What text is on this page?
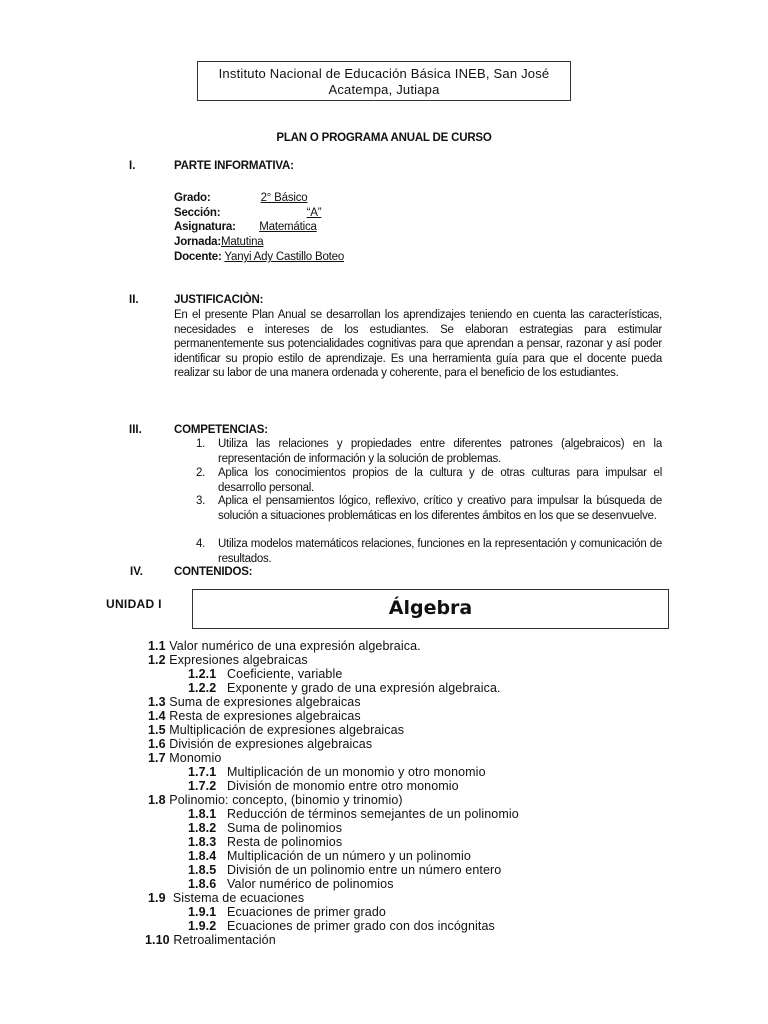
Instituto Nacional de Educación Básica INEB, San José
Acatempa, Jutiapa
PLAN O PROGRAMA ANUAL DE CURSO
I.	PARTE INFORMATIVA:
Grado:	2° Básico
Sección:	“A”
Asignatura: Matemática
Jornada:Matutina
Docente: Yanyi Ady Castillo Boteo
II.	JUSTIFICACIÒN:
En el presente Plan Anual se desarrollan los aprendizajes teniendo en cuenta las características, necesidades e intereses de los estudiantes. Se elaboran estrategias para estimular permanentemente sus potencialidades cognitivas para que aprendan a pensar, razonar y así poder identificar su propio estilo de aprendizaje. Es una herramienta guía para que el docente pueda realizar su labor de una manera ordenada y coherente, para el beneficio de los estudiantes.
III.	COMPETENCIAS:
1. Utiliza las relaciones y propiedades entre diferentes patrones (algebraicos) en la representación de información y la solución de problemas.
2. Aplica los conocimientos propios de la cultura y de otras culturas para impulsar el desarrollo personal.
3. Aplica el pensamientos lógico, reflexivo, crítico y creativo para impulsar la búsqueda de solución a situaciones problemáticas en los diferentes ámbitos en los que se desenvuelve.
4. Utiliza modelos matemáticos relaciones, funciones en la representación y comunicación de resultados.
IV.	CONTENIDOS:
UNIDAD I	Álgebra
1.1 Valor numérico de una expresión algebraica.
1.2 Expresiones algebraicas
1.2.1 Coeficiente, variable
1.2.2 Exponente y grado de una expresión algebraica.
1.3 Suma de expresiones algebraicas
1.4 Resta de expresiones algebraicas
1.5 Multiplicación de expresiones algebraicas
1.6 División de expresiones algebraicas
1.7 Monomio
1.7.1 Multiplicación de un monomio y otro monomio
1.7.2 División de monomio entre otro monomio
1.8 Polinomio: concepto, (binomio y trinomio)
1.8.1 Reducción de términos semejantes de un polinomio
1.8.2 Suma de polinomios
1.8.3 Resta de polinomios
1.8.4 Multiplicación de un número y un polinomio
1.8.5 División de un polinomio entre un número entero
1.8.6 Valor numérico de polinomios
1.9  Sistema de ecuaciones
1.9.1 Ecuaciones de primer grado
1.9.2 Ecuaciones de primer grado con dos incógnitas
1.10 Retroalimentación
